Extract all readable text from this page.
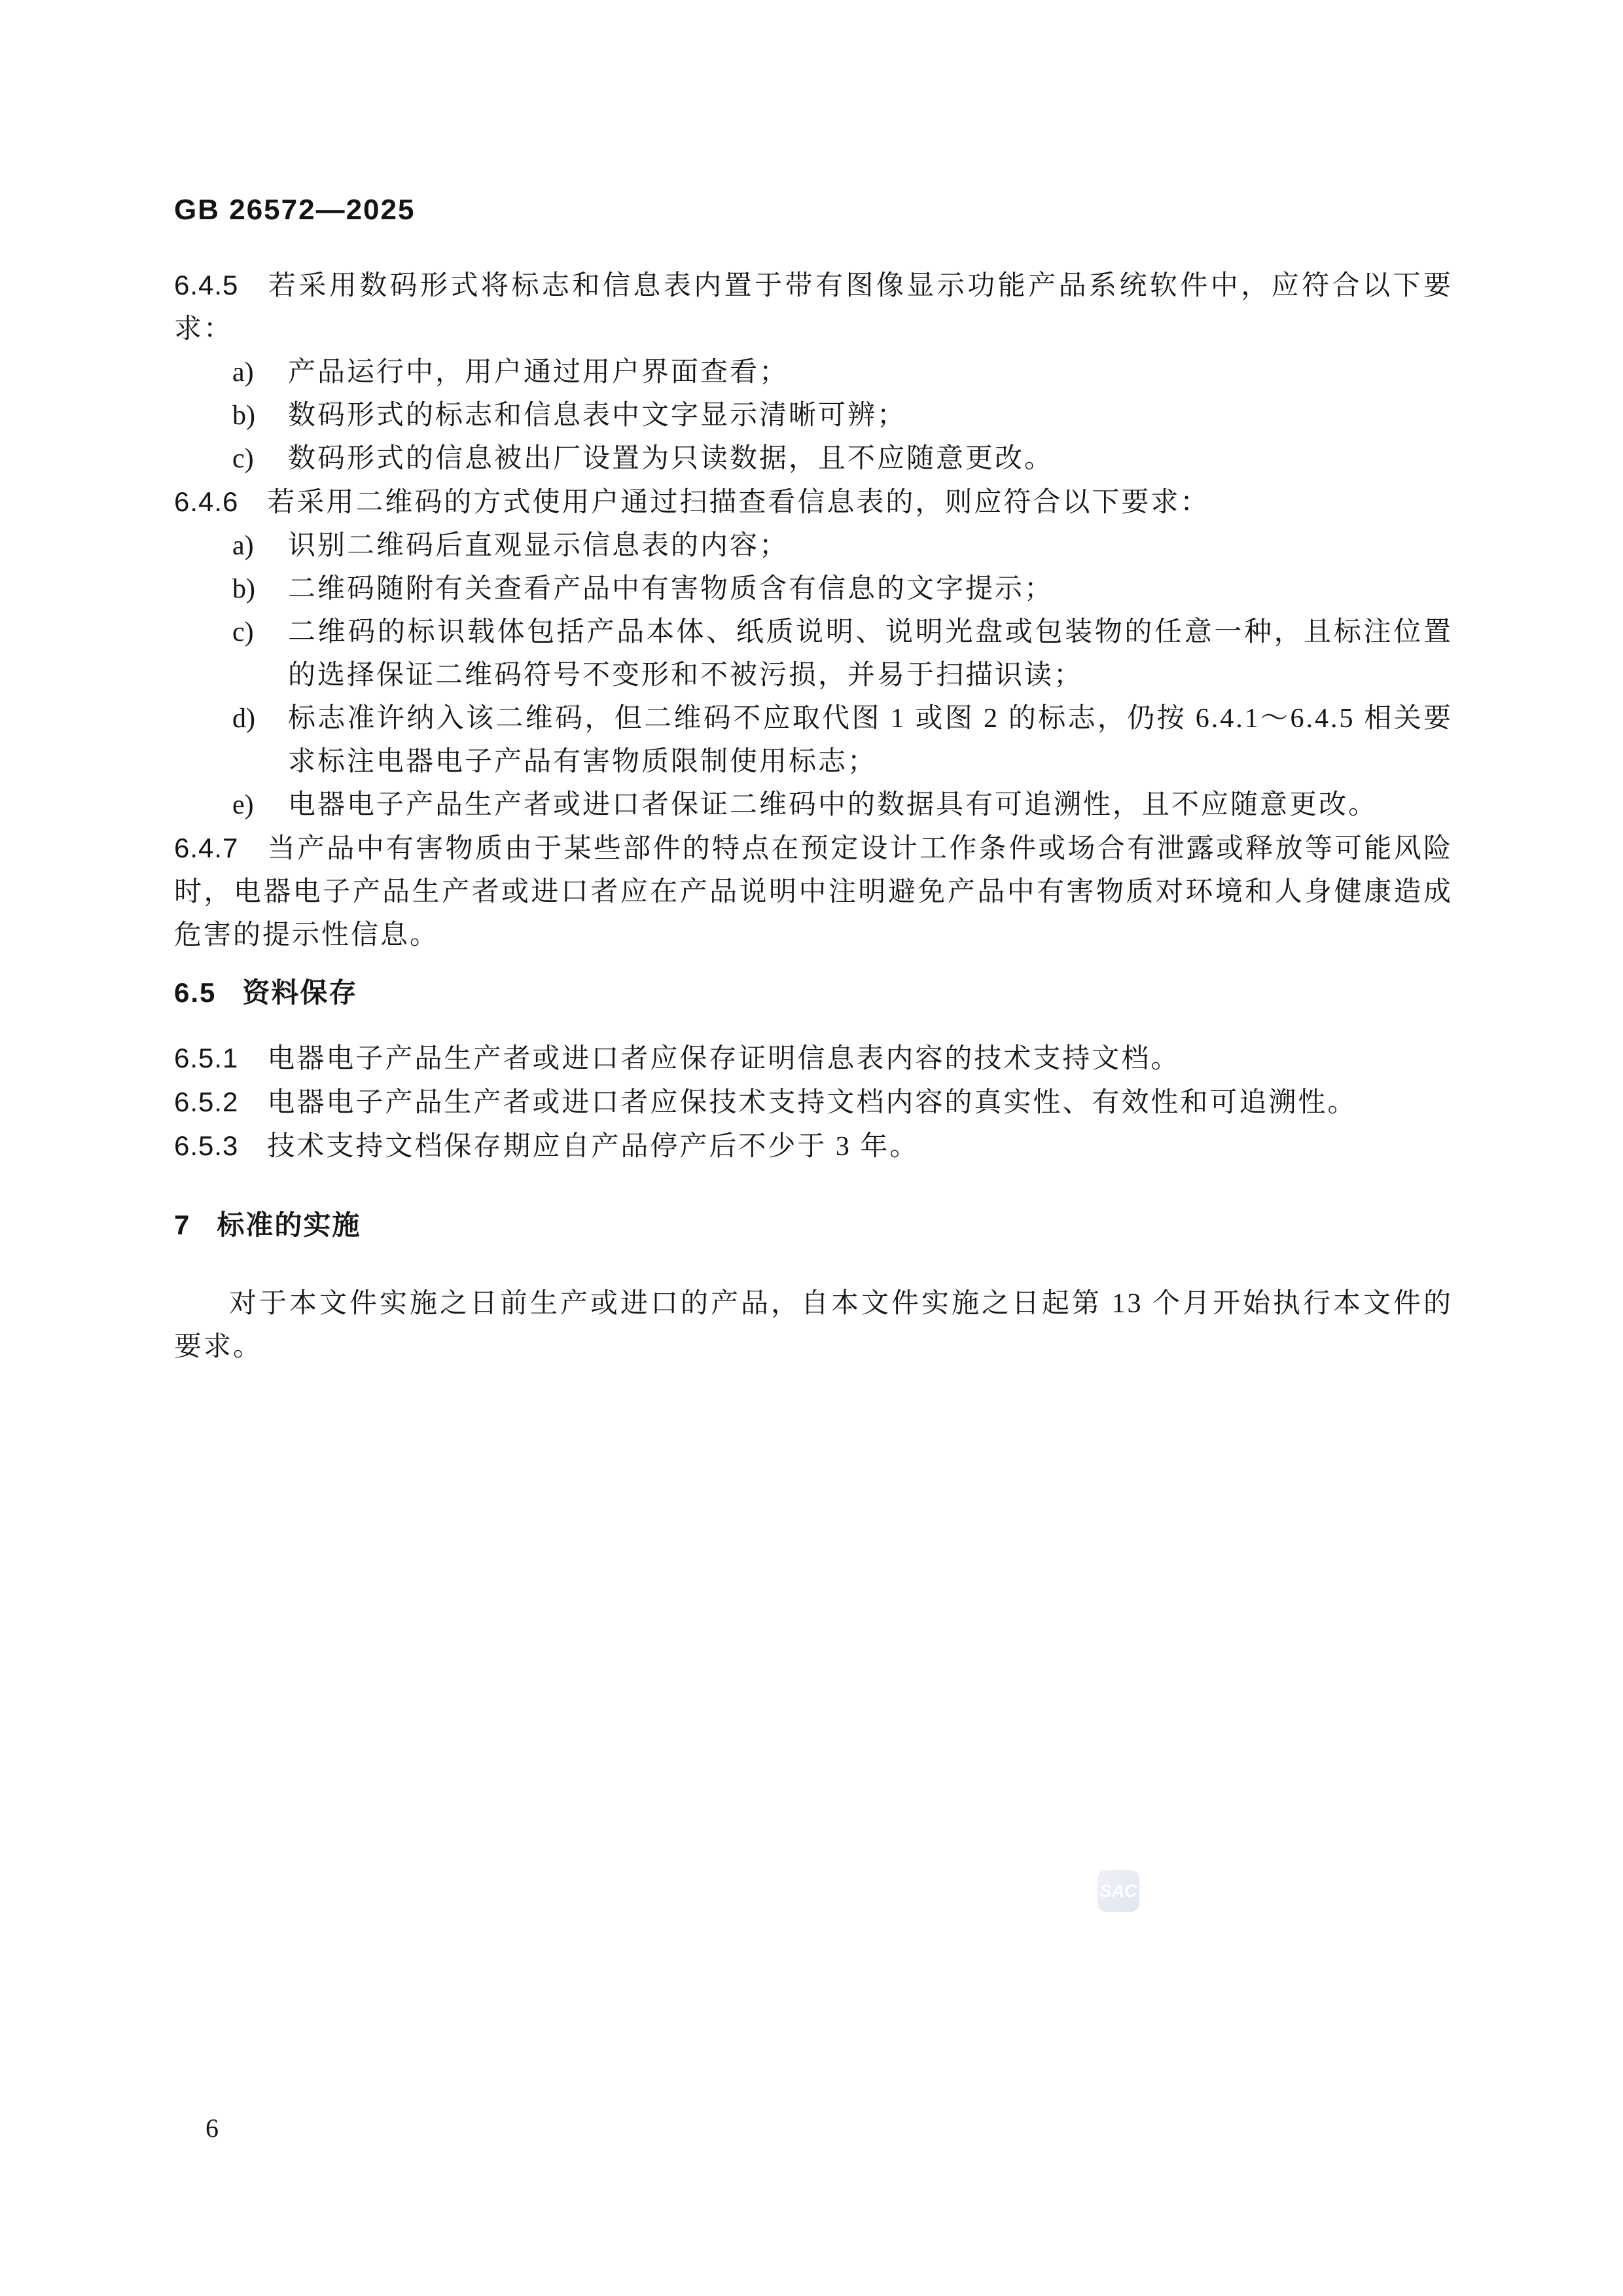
GB 26572—2025

6.4.5 若采用数码形式将标志和信息表内置于带有图像显示功能产品系统软件中，应符合以下要求：

a) 产品运行中，用户通过用户界面查看；
b) 数码形式的标志和信息表中文字显示清晰可辨；
c) 数码形式的信息被出厂设置为只读数据，且不应随意更改。

6.4.6 若采用二维码的方式使用户通过扫描查看信息表的，则应符合以下要求：

a) 识别二维码后直观显示信息表的内容；
b) 二维码随附有关查看产品中有害物质含有信息的文字提示；
c) 二维码的标识载体包括产品本体、纸质说明、说明光盘或包装物的任意一种，且标注位置的选择保证二维码符号不变形和不被污损，并易于扫描识读；
d) 标志准许纳入该二维码，但二维码不应取代图 1 或图 2 的标志，仍按 6.4.1～6.4.5 相关要求标注电器电子产品有害物质限制使用标志；
e) 电器电子产品生产者或进口者保证二维码中的数据具有可追溯性，且不应随意更改。

6.4.7 当产品中有害物质由于某些部件的特点在预定设计工作条件或场合有泄露或释放等可能风险时，电器电子产品生产者或进口者应在产品说明中注明避免产品中有害物质对环境和人身健康造成危害的提示性信息。

6.5 资料保存

6.5.1 电器电子产品生产者或进口者应保存证明信息表内容的技术支持文档。

6.5.2 电器电子产品生产者或进口者应保技术支持文档内容的真实性、有效性和可追溯性。

6.5.3 技术支持文档保存期应自产品停产后不少于 3 年。

7 标准的实施

对于本文件实施之日前生产或进口的产品，自本文件实施之日起第 13 个月开始执行本文件的要求。

SAC
6
